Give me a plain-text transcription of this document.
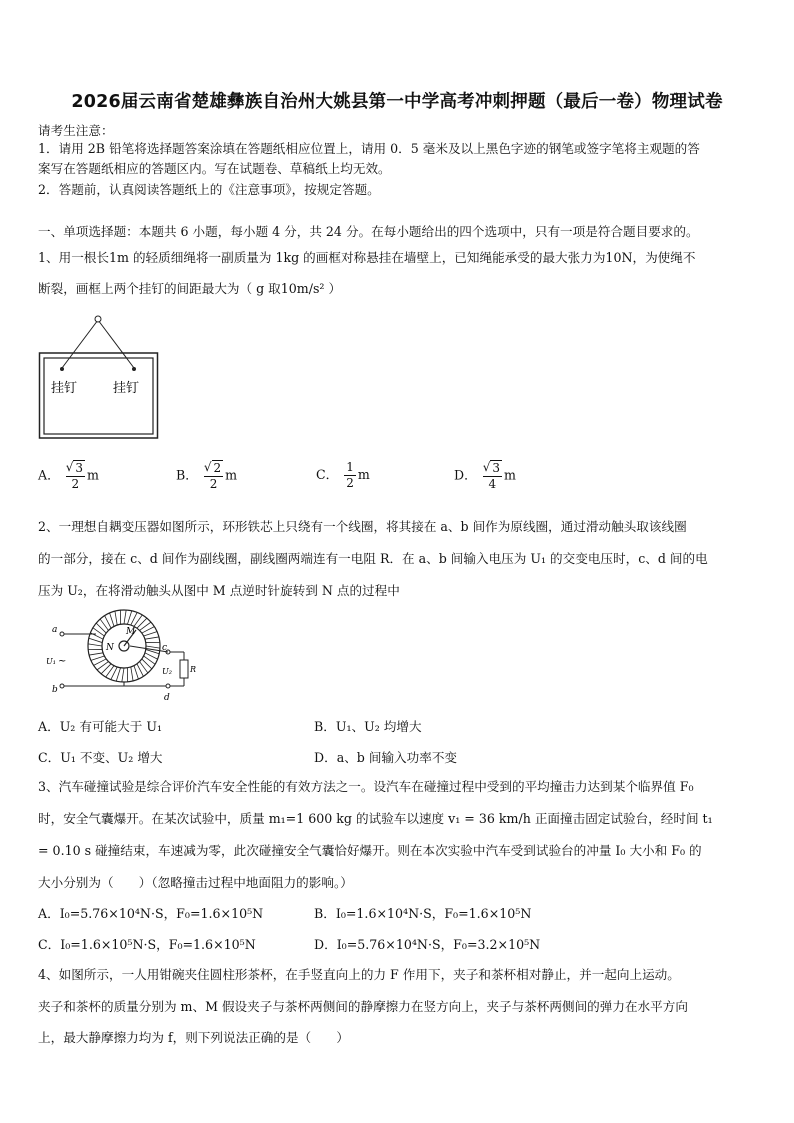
2026届云南省楚雄彝族自治州大姚县第一中学高考冲刺押题（最后一卷）物理试卷
请考生注意：
1．请用 2B 铅笔将选择题答案涂填在答题纸相应位置上，请用 0．5 毫米及以上黑色字迹的钢笔或签字笔将主观题的答
案写在答题纸相应的答题区内。写在试题卷、草稿纸上均无效。
2．答题前，认真阅读答题纸上的《注意事项》，按规定答题。
一、单项选择题：本题共 6 小题，每小题 4 分，共 24 分。在每小题给出的四个选项中，只有一项是符合题目要求的。
1、用一根长1m 的轻质细绳将一副质量为 1kg 的画框对称悬挂在墙壁上，已知绳能承受的最大张力为10N，为使绳不
断裂，画框上两个挂钉的间距最大为（ g 取10m/s² ）
挂钉	挂钉
A． $\frac{√ 3}{2}$ m	B． $\frac{√ 2}{2}$ m	C． $\frac{1}{2}$ m	D． $\frac{√ 3}{4}$ m
2、一理想自耦变压器如图所示，环形铁芯上只绕有一个线圈，将其接在 a、b 间作为原线圈，通过滑动触头取该线圈
的一部分，接在 c、d 间作为副线圈，副线圈两端连有一电阻 R．在 a、b 间输入电压为 U₁ 的交变电压时，c、d 间的电
压为 U₂，在将滑动触头从图中 M 点逆时针旋转到 N 点的过程中
a
b
c
d
M
N
U₁ ~
U₂ R
A．U₂ 有可能大于 U₁	B．U₁、U₂ 均增大
C．U₁ 不变、U₂ 增大	D．a、b 间输入功率不变
3、汽车碰撞试验是综合评价汽车安全性能的有效方法之一。设汽车在碰撞过程中受到的平均撞击力达到某个临界值 F₀
时，安全气囊爆开。在某次试验中，质量 m₁=1 600 kg 的试验车以速度 v₁ = 36 km/h 正面撞击固定试验台，经时间 t₁
= 0.10 s 碰撞结束，车速减为零，此次碰撞安全气囊恰好爆开。则在本次实验中汽车受到试验台的冲量 I₀ 大小和 F₀ 的
大小分别为（　　）（忽略撞击过程中地面阻力的影响。）
A．I₀=5.76×10⁴N·S，F₀=1.6×10⁵N	B．I₀=1.6×10⁴N·S，F₀=1.6×10⁵N
C．I₀=1.6×10⁵N·S，F₀=1.6×10⁵N	D．I₀=5.76×10⁴N·S，F₀=3.2×10⁵N
4、如图所示，一人用钳碗夹住圆柱形茶杯，在手竖直向上的力 F 作用下，夹子和茶杯相对静止，并一起向上运动。
夹子和茶杯的质量分别为 m、M 假设夹子与茶杯两侧间的静摩擦力在竖方向上，夹子与茶杯两侧间的弹力在水平方向
上，最大静摩擦力均为 f，则下列说法正确的是（　　）
